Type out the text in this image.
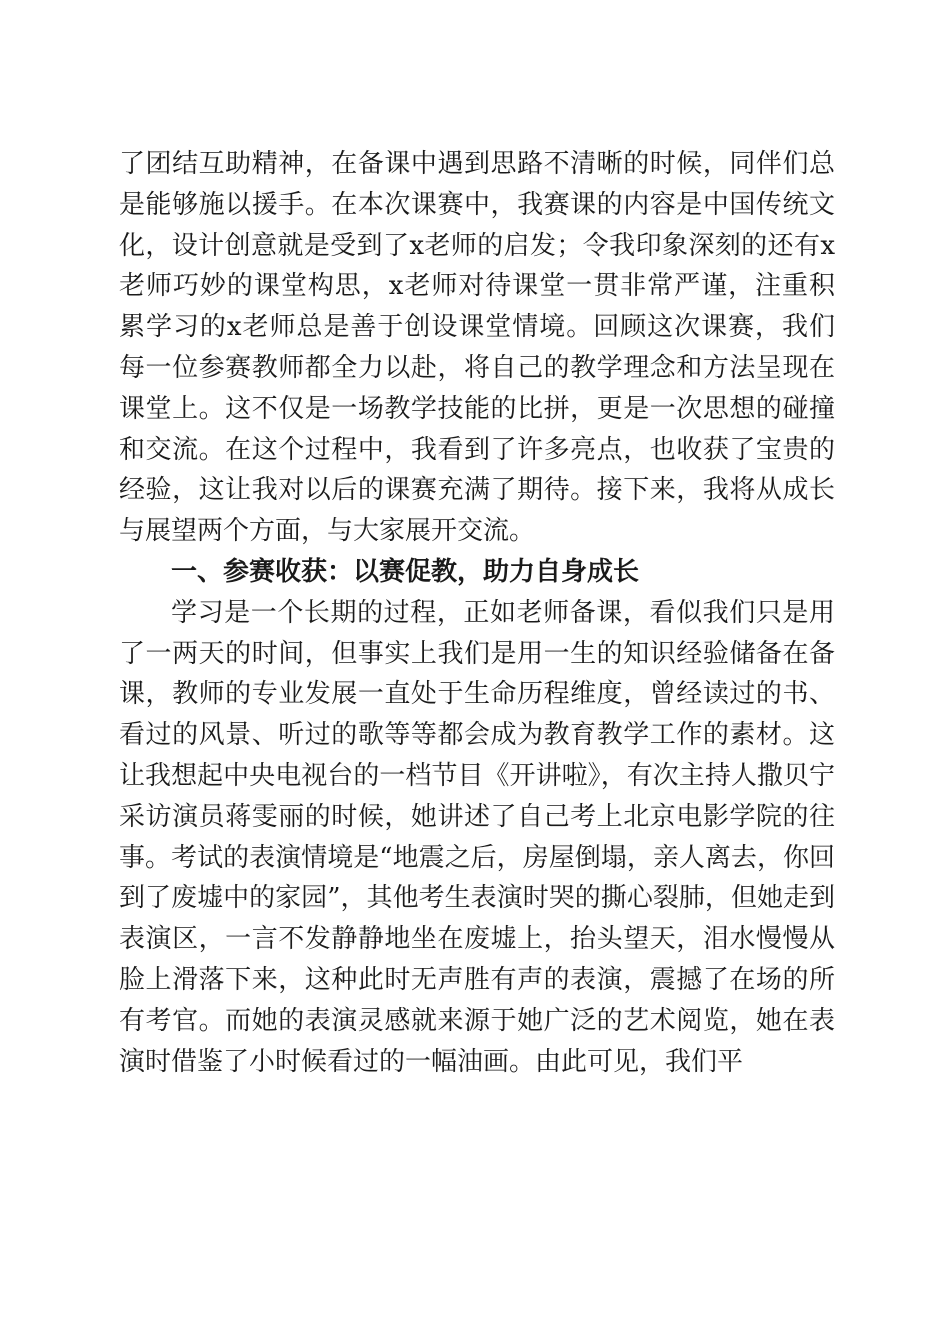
了团结互助精神，在备课中遇到思路不清晰的时候，同伴们总是能够施以援手。在本次课赛中，我赛课的内容是中国传统文化，设计创意就是受到了x老师的启发；令我印象深刻的还有x老师巧妙的课堂构思，x老师对待课堂一贯非常严谨，注重积累学习的x老师总是善于创设课堂情境。回顾这次课赛，我们每一位参赛教师都全力以赴，将自己的教学理念和方法呈现在课堂上。这不仅是一场教学技能的比拼，更是一次思想的碰撞和交流。在这个过程中，我看到了许多亮点，也收获了宝贵的经验，这让我对以后的课赛充满了期待。接下来，我将从成长与展望两个方面，与大家展开交流。

一、参赛收获：以赛促教，助力自身成长

学习是一个长期的过程，正如老师备课，看似我们只是用了一两天的时间，但事实上我们是用一生的知识经验储备在备课，教师的专业发展一直处于生命历程维度，曾经读过的书、看过的风景、听过的歌等等都会成为教育教学工作的素材。这让我想起中央电视台的一档节目《开讲啦》，有次主持人撒贝宁采访演员蒋雯丽的时候，她讲述了自己考上北京电影学院的往事。考试的表演情境是“地震之后，房屋倒塌，亲人离去，你回到了废墟中的家园”，其他考生表演时哭的撕心裂肺，但她走到表演区，一言不发静静地坐在废墟上，抬头望天，泪水慢慢从脸上滑落下来，这种此时无声胜有声的表演，震撼了在场的所有考官。而她的表演灵感就来源于她广泛的艺术阅览，她在表演时借鉴了小时候看过的一幅油画。由此可见，我们平
